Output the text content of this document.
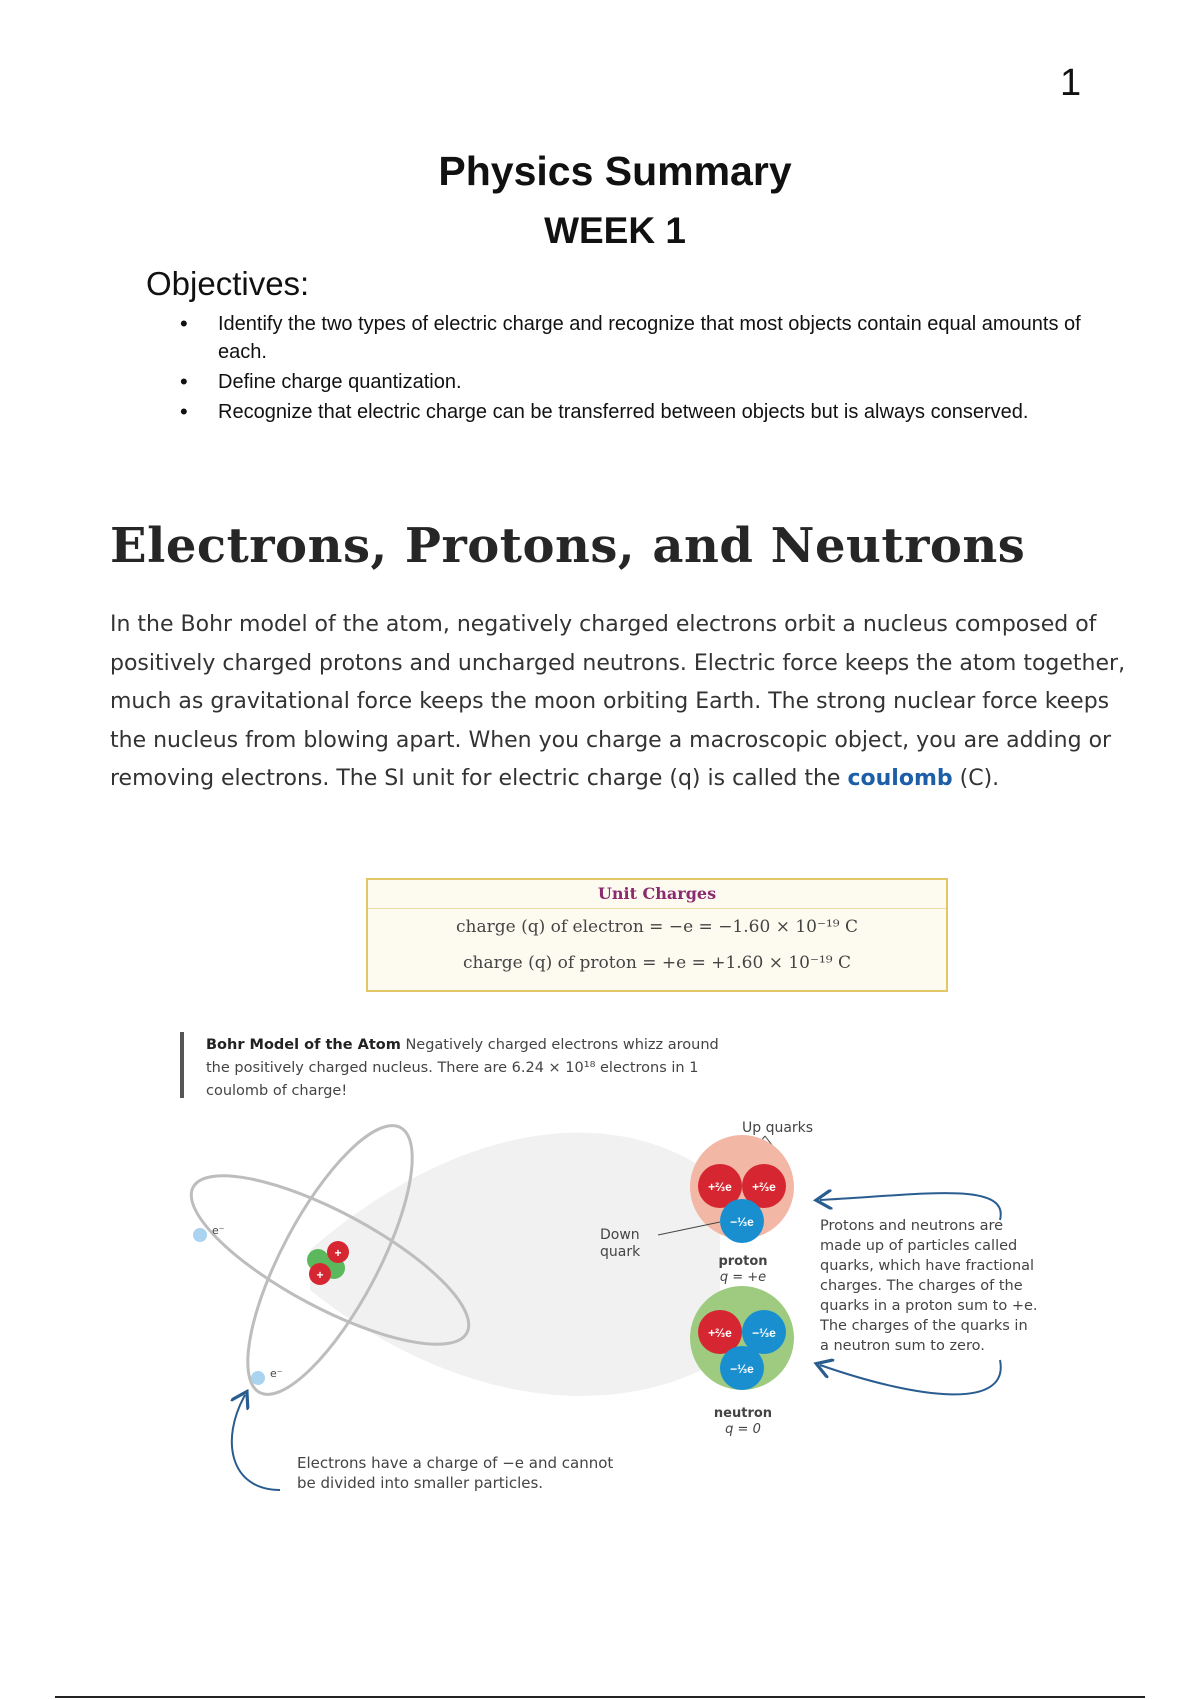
1
Physics Summary
WEEK 1
Objectives:
• Identify the two types of electric charge and recognize that most objects contain equal amounts of each.
• Define charge quantization.
• Recognize that electric charge can be transferred between objects but is always conserved.
Electrons, Protons, and Neutrons
In the Bohr model of the atom, negatively charged electrons orbit a nucleus composed of positively charged protons and uncharged neutrons. Electric force keeps the atom together, much as gravitational force keeps the moon orbiting Earth. The strong nuclear force keeps the nucleus from blowing apart. When you charge a macroscopic object, you are adding or removing electrons. The SI unit for electric charge (q) is called the coulomb (C).
Unit Charges
charge (q) of electron = −e = −1.60 × 10⁻¹⁹ C
charge (q) of proton = +e = +1.60 × 10⁻¹⁹ C
Bohr Model of the Atom Negatively charged electrons whizz around the positively charged nucleus. There are 6.24 × 10¹⁸ electrons in 1 coulomb of charge!
+
+
e⁻
e⁻
Electrons have a charge of −e and cannot
be divided into smaller particles.
Up quarks
+⅔e +⅔e
−⅓e
Down
quark
proton
q = +e
+⅔e −⅓e
−⅓e
neutron
q = 0
Protons and neutrons are
made up of particles called
quarks, which have fractional
charges. The charges of the
quarks in a proton sum to +e.
The charges of the quarks in
a neutron sum to zero.
